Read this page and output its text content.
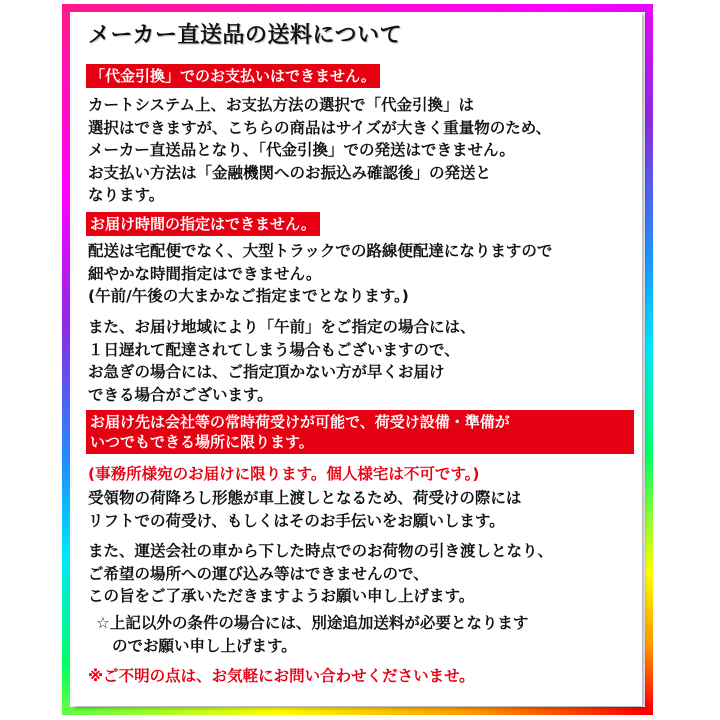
メーカー直送品の送料について
「代金引換」でのお支払いはできません。
カートシステム上、お支払方法の選択で「代金引換」は
選択はできますが、こちらの商品はサイズが大きく重量物のため、
メーカー直送品となり、「代金引換」での発送はできません。
お支払い方法は「金融機関へのお振込み確認後」の発送と
なります。
お届け時間の指定はできません。
配送は宅配便でなく、大型トラックでの路線便配達になりますので
細やかな時間指定はできません。
(午前/午後の大まかなご指定までとなります。)
また、お届け地域により「午前」をご指定の場合には、
１日遅れて配達されてしまう場合もございますので、
お急ぎの場合には、ご指定頂かない方が早くお届け
できる場合がございます。
お届け先は会社等の常時荷受けが可能で、荷受け設備・準備が
いつでもできる場所に限ります。
(事務所様宛のお届けに限ります。個人様宅は不可です。)
受領物の荷降ろし形態が車上渡しとなるため、荷受けの際には
リフトでの荷受け、もしくはそのお手伝いをお願いします。
また、運送会社の車から下した時点でのお荷物の引き渡しとなり、
ご希望の場所への運び込み等はできませんので、
この旨をご了承いただきますようお願い申し上げます。
☆上記以外の条件の場合には、別途追加送料が必要となります
のでお願い申し上げます。
※ご不明の点は、お気軽にお問い合わせくださいませ。
